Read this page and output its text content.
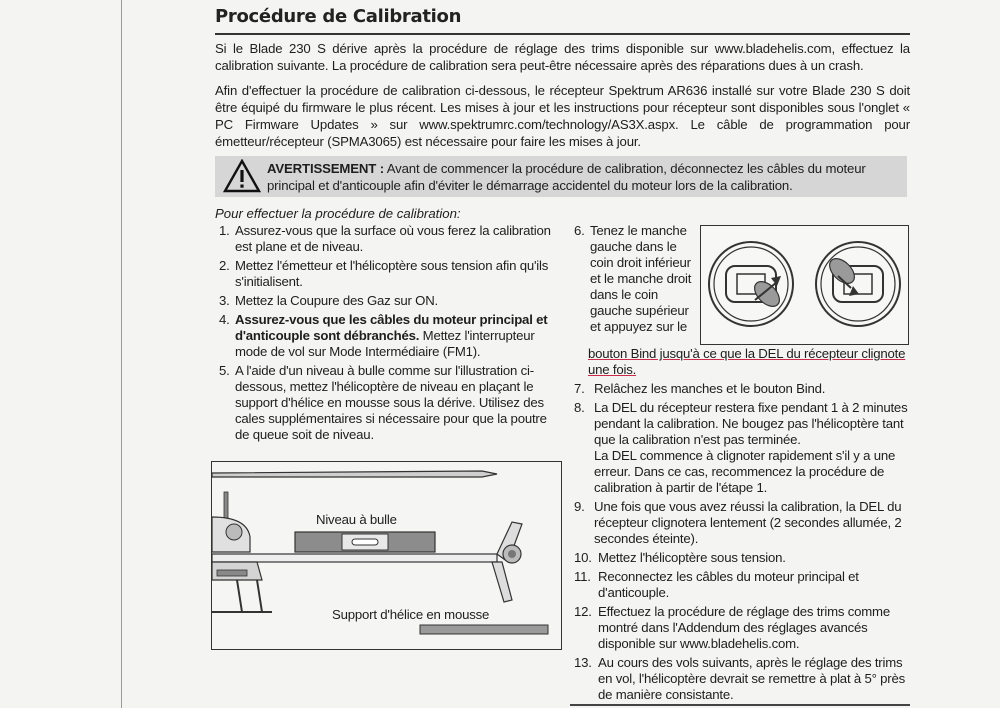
Procédure de Calibration

Si le Blade 230 S dérive après la procédure de réglage des trims disponible sur www.bladehelis.com, effectuez la calibration suivante. La procédure de calibration sera peut-être nécessaire après des réparations dues à un crash.

Afin d'effectuer la procédure de calibration ci-dessous, le récepteur Spektrum AR636 installé sur votre Blade 230 S doit être équipé du firmware le plus récent. Les mises à jour et les instructions pour récepteur sont disponibles sous l'onglet « PC Firmware Updates » sur www.spektrumrc.com/technology/AS3X.aspx. Le câble de programmation pour émetteur/récepteur (SPMA3065) est nécessaire pour faire les mises à jour.

AVERTISSEMENT : Avant de commencer la procédure de calibration, déconnectez les câbles du moteur principal et d'anticouple afin d'éviter le démarrage accidentel du moteur lors de la calibration.

Pour effectuer la procédure de calibration:
1. Assurez-vous que la surface où vous ferez la calibration est plane et de niveau.
2. Mettez l'émetteur et l'hélicoptère sous tension afin qu'ils s'initialisent.
3. Mettez la Coupure des Gaz sur ON.
4. Assurez-vous que les câbles du moteur principal et d'anticouple sont débranchés. Mettez l'interrupteur mode de vol sur Mode Intermédiaire (FM1).
5. A l'aide d'un niveau à bulle comme sur l'illustration ci-dessous, mettez l'hélicoptère de niveau en plaçant le support d'hélice en mousse sous la dérive. Utilisez des cales supplémentaires si nécessaire pour que la poutre de queue soit de niveau.
6. Tenez le manche gauche dans le coin droit inférieur et le manche droit dans le coin gauche supérieur et appuyez sur le
bouton Bind jusqu'à ce que la DEL du récepteur clignote une fois.
7. Relâchez les manches et le bouton Bind.
8. La DEL du récepteur restera fixe pendant 1 à 2 minutes pendant la calibration. Ne bougez pas l'hélicoptère tant que la calibration n'est pas terminée.
La DEL commence à clignoter rapidement s'il y a une erreur. Dans ce cas, recommencez la procédure de calibration à partir de l'étape 1.
9. Une fois que vous avez réussi la calibration, la DEL du récepteur clignotera lentement (2 secondes allumée, 2 secondes éteinte).
10. Mettez l'hélicoptère sous tension.
11. Reconnectez les câbles du moteur principal et d'anticouple.
12. Effectuez la procédure de réglage des trims comme montré dans l'Addendum des réglages avancés disponible sur www.bladehelis.com.
13. Au cours des vols suivants, après le réglage des trims en vol, l'hélicoptère devrait se remettre à plat à 5° près de manière consistante.
Niveau à bulle
Support d'hélice en mousse
